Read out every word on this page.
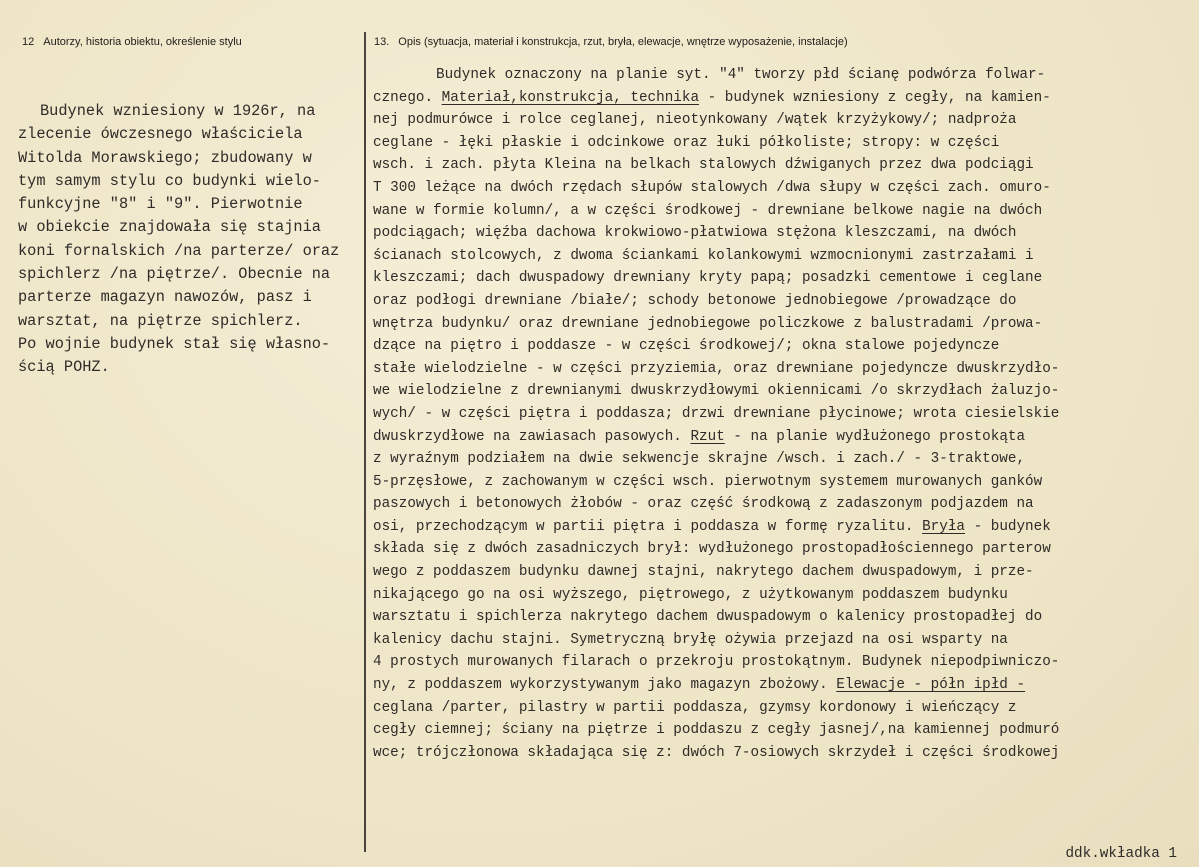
12 Autorzy, historia obiektu, określenie stylu	13. Opis (sytuacja, materiał i konstrukcja, rzut, bryła, elewacje, wnętrze wyposażenie, instalacje)
Budynek wzniesiony w 1926r, na
zlecenie ówczesnego właściciela
Witolda Morawskiego; zbudowany w
tym samym stylu co budynki wielo-
funkcyjne "8" i "9". Pierwotnie
w obiekcie znajdowała się stajnia
koni fornalskich /na parterze/ oraz
spichlerz /na piętrze/. Obecnie na
parterze magazyn nawozów, pasz i
warsztat, na piętrze spichlerz.
Po wojnie budynek stał się własno-
ścią POHZ.
Budynek oznaczony na planie syt. "4" tworzy płd ścianę podwórza folwar-
cznego. Materiał,konstrukcja, technika - budynek wzniesiony z cegły, na kamien-
nej podmurówce i rolce ceglanej, nieotynkowany /wątek krzyżykowy/; nadproża
ceglane - łęki płaskie i odcinkowe oraz łuki półkoliste; stropy: w części
wsch. i zach. płyta Kleina na belkach stalowych dźwiganych przez dwa podciągi
T 300 leżące na dwóch rzędach słupów stalowych /dwa słupy w części zach. omuro-
wane w formie kolumn/, a w części środkowej - drewniane belkowe nagie na dwóch
podciągach; więźba dachowa krokwiowo-płatwiowa stężona kleszczami, na dwóch
ścianach stolcowych, z dwoma ściankami kolankowymi wzmocnionymi zastrzałami i
kleszczami; dach dwuspadowy drewniany kryty papą; posadzki cementowe i ceglane
oraz podłogi drewniane /białe/; schody betonowe jednobiegowe /prowadzące do
wnętrza budynku/ oraz drewniane jednobiegowe policzkowe z balustradami /prowa-
dzące na piętro i poddasze - w części środkowej/; okna stalowe pojedyncze
stałe wielodzielne - w części przyziemia, oraz drewniane pojedyncze dwuskrzydło-
we wielodzielne z drewnianymi dwuskrzydłowymi okiennicami /o skrzydłach żaluzjo-
wych/ - w części piętra i poddasza; drzwi drewniane płycinowe; wrota ciesielskie
dwuskrzydłowe na zawiasach pasowych. Rzut - na planie wydłużonego prostokąta
z wyraźnym podziałem na dwie sekwencje skrajne /wsch. i zach./ - 3-traktowe,
5-przęsłowe, z zachowanym w części wsch. pierwotnym systemem murowanych ganków
paszowych i betonowych żłobów - oraz część środkową z zadaszonym podjazdem na
osi, przechodzącym w partii piętra i poddasza w formę ryzalitu. Bryła - budynek
składa się z dwóch zasadniczych brył: wydłużonego prostopadłościennego parterow
wego z poddaszem budynku dawnej stajni, nakrytego dachem dwuspadowym, i prze-
nikającego go na osi wyższego, piętrowego, z użytkowanym poddaszem budynku
warsztatu i spichlerza nakrytego dachem dwuspadowym o kalenicy prostopadłej do
kalenicy dachu stajni. Symetryczną bryłę ożywia przejazd na osi wsparty na
4 prostych murowanych filarach o przekroju prostokątnym. Budynek niepodpiwniczo-
ny, z poddaszem wykorzystywanym jako magazyn zbożowy. Elewacje - półn ipłd -
ceglana /parter, pilastry w partii poddasza, gzymsy kordonowy i wieńczący z
cegły ciemnej; ściany na piętrze i poddaszu z cegły jasnej/,na kamiennej podmuró
wce; trójczłonowa składająca się z: dwóch 7-osiowych skrzydeł i części środkowej
ddk.wkładka 1
